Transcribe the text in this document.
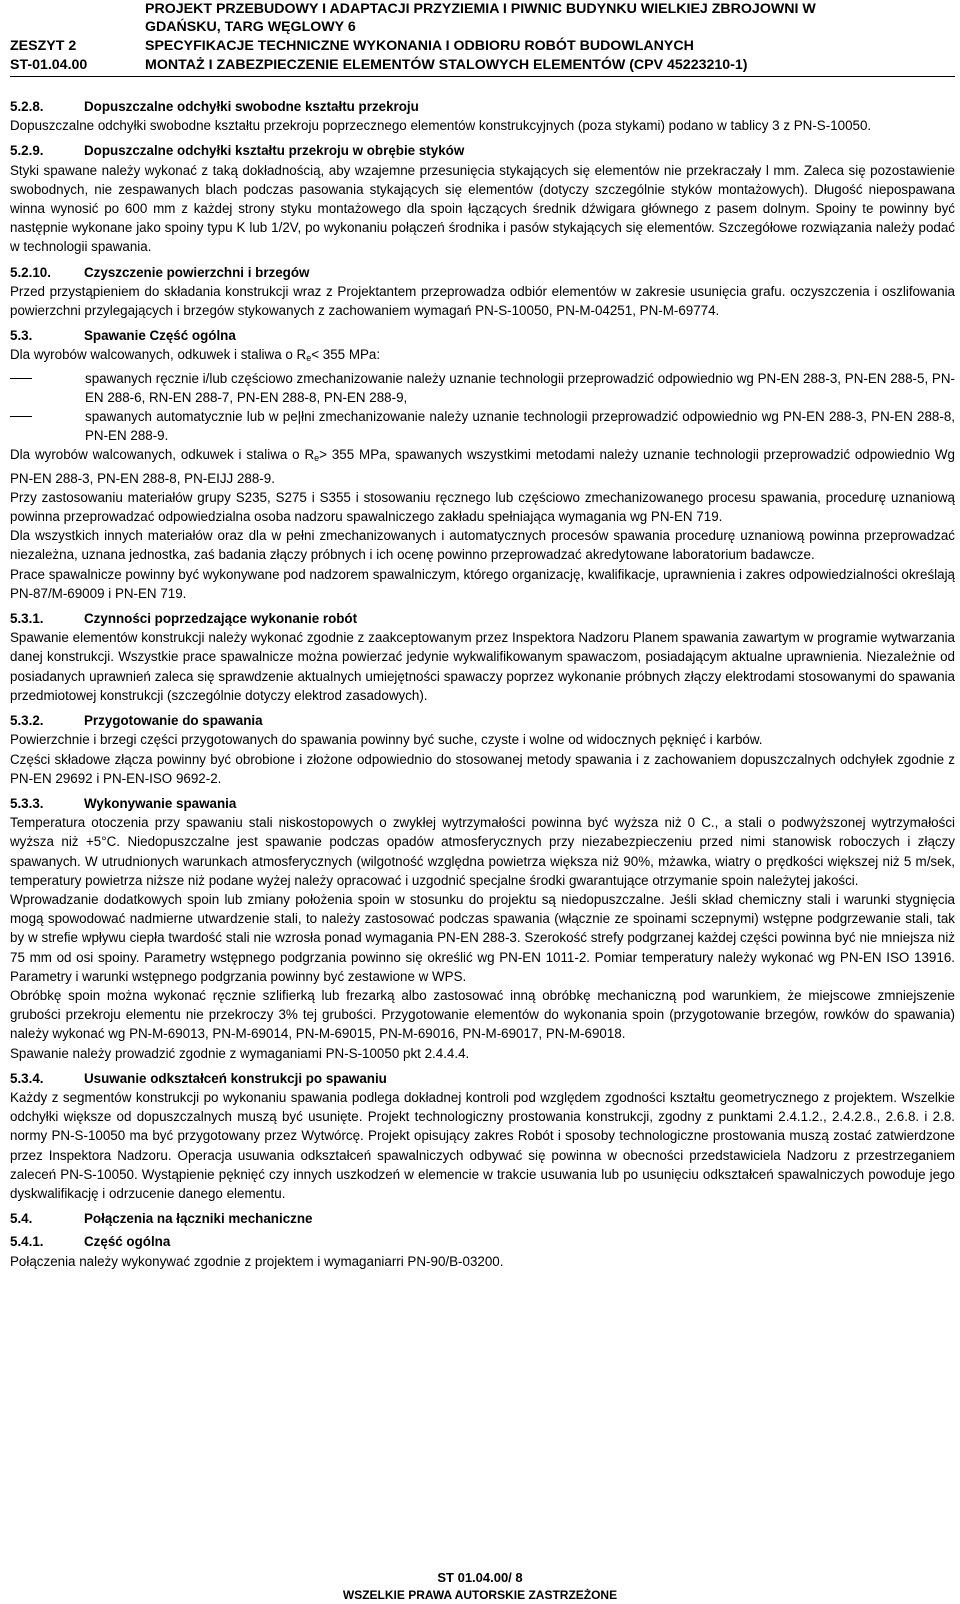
PROJEKT PRZEBUDOWY I ADAPTACJI PRZYZIEMIA I PIWNIC BUDYNKU WIELKIEJ ZBROJOWNI W
GDAŃSKU, TARG WĘGLOWY 6
ZESZYT 2	SPECYFIKACJE TECHNICZNE WYKONANIA I ODBIORU ROBÓT BUDOWLANYCH
ST-01.04.00	MONTAŻ I ZABEZPIECZENIE ELEMENTÓW STALOWYCH ELEMENTÓW (CPV 45223210-1)

5.2.8.	Dopuszczalne odchyłki swobodne kształtu przekroju

Dopuszczalne odchyłki swobodne kształtu przekroju poprzecznego elementów konstrukcyjnych (poza stykami) podano w tablicy 3 z PN-S-10050.

5.2.9.	Dopuszczalne odchyłki kształtu przekroju w obrębie styków

Styki spawane należy wykonać z taką dokładnością, aby wzajemne przesunięcia stykających się elementów nie przekraczały l mm. Zaleca się pozostawienie swobodnych, nie zespawanych blach podczas pasowania stykających się elementów (dotyczy szczególnie styków montażowych). Długość niepospawana winna wynosić po 600 mm z każdej strony styku montażowego dla spoin łączących średnik dźwigara głównego z pasem dolnym. Spoiny te powinny być następnie wykonane jako spoiny typu K lub 1/2V, po wykonaniu połączeń środnika i pasów stykających się elementów. Szczegółowe rozwiązania należy podać w technologii spawania.

5.2.10. Czyszczenie powierzchni i brzegów

Przed przystąpieniem do składania konstrukcji wraz z Projektantem przeprowadza odbiór elementów w zakresie usunięcia grafu. oczyszczenia i oszlifowania powierzchni przylegających i brzegów stykowanych z zachowaniem wymagań PN-S-10050, PN-M-04251, PN-M-69774.

5.3.	Spawanie Część ogólna

Dla wyrobów walcowanych, odkuwek i staliwa o $R_e< 355$ MPa:

spawanych ręcznie i/lub częściowo zmechanizowanie należy uznanie technologii przeprowadzić odpowiednio wg PN-EN 288-3, PN-EN 288-5, PN-EN 288-6, RN-EN 288-7, PN-EN 288-8, PN-EN 288-9,
spawanych automatycznie lub w pe|łni zmechanizowanie należy uznanie technologii przeprowadzić odpowiednio wg PN-EN 288-3, PN-EN 288-8, PN-EN 288-9.

Dla wyrobów walcowanych, odkuwek i staliwa o $R_e> 355$ MPa, spawanych wszystkimi metodami należy uznanie technologii przeprowadzić odpowiednio Wg PN-EN 288-3, PN-EN 288-8, PN-EIJJ 288-9.

Przy zastosowaniu materiałów grupy S235, S275 i S355 i stosowaniu ręcznego lub częściowo zmechanizowanego procesu spawania, procedurę uznaniową powinna przeprowadzać odpowiedzialna osoba nadzoru spawalniczego zakładu spełniająca wymagania wg PN-EN 719.

Dla wszystkich innych materiałów oraz dla w pełni zmechanizowanych i automatycznych procesów spawania procedurę uznaniową powinna przeprowadzać niezależna, uznana jednostka, zaś badania złączy próbnych i ich ocenę powinno przeprowadzać akredytowane laboratorium badawcze.

Prace spawalnicze powinny być wykonywane pod nadzorem spawalniczym, którego organizację, kwalifikacje, uprawnienia i zakres odpowiedzialności określają PN-87/M-69009 i PN-EN 719.

5.3.1.	Czynności poprzedzające wykonanie robót

Spawanie elementów konstrukcji należy wykonać zgodnie z zaakceptowanym przez Inspektora Nadzoru Planem spawania zawartym w programie wytwarzania danej konstrukcji. Wszystkie prace spawalnicze można powierzać jedynie wykwalifikowanym spawaczom, posiadającym aktualne uprawnienia. Niezależnie od posiadanych uprawnień zaleca się sprawdzenie aktualnych umiejętności spawaczy poprzez wykonanie próbnych złączy elektrodami stosowanymi do spawania przedmiotowej konstrukcji (szczególnie dotyczy elektrod zasadowych).

5.3.2.	Przygotowanie do spawania

Powierzchnie i brzegi części przygotowanych do spawania powinny być suche, czyste i wolne od widocznych pęknięć i karbów.

Części składowe złącza powinny być obrobione i złożone odpowiednio do stosowanej metody spawania i z zachowaniem dopuszczalnych odchyłek zgodnie z PN-EN 29692 i PN-EN-ISO 9692-2.

5.3.3.	Wykonywanie spawania

Temperatura otoczenia przy spawaniu stali niskostopowych o zwykłej wytrzymałości powinna być wyższa niż 0 C., a stali o podwyższonej wytrzymałości wyższa niż +5°C. Niedopuszczalne jest spawanie podczas opadów atmosferycznych przy niezabezpieczeniu przed nimi stanowisk roboczych i złączy spawanych. W utrudnionych warunkach atmosferycznych (wilgotność względna powietrza większa niż 90%, mżawka, wiatry o prędkości większej niż 5 m/sek, temperatury powietrza niższe niż podane wyżej należy opracować i uzgodnić specjalne środki gwarantujące otrzymanie spoin należytej jakości.

Wprowadzanie dodatkowych spoin lub zmiany położenia spoin w stosunku do projektu są niedopuszczalne. Jeśli skład chemiczny stali i warunki stygnięcia mogą spowodować nadmierne utwardzenie stali, to należy zastosować podczas spawania (włącznie ze spoinami sczepnymi) wstępne podgrzewanie stali, tak by w strefie wpływu ciepła twardość stali nie wzrosła ponad wymagania PN-EN 288-3. Szerokość strefy podgrzanej każdej części powinna być nie mniejsza niż 75 mm od osi spoiny. Parametry wstępnego podgrzania powinno się określić wg PN-EN 1011-2. Pomiar temperatury należy wykonać wg PN-EN ISO 13916. Parametry i warunki wstępnego podgrzania powinny być zestawione w WPS.

Obróbkę spoin można wykonać ręcznie szlifierką lub frezarką albo zastosować inną obróbkę mechaniczną pod warunkiem, że miejscowe zmniejszenie grubości przekroju elementu nie przekroczy 3% tej grubości. Przygotowanie elementów do wykonania spoin (przygotowanie brzegów, rowków do spawania) należy wykonać wg PN-M-69013, PN-M-69014, PN-M-69015, PN-M-69016, PN-M-69017, PN-M-69018.

Spawanie należy prowadzić zgodnie z wymaganiami PN-S-10050 pkt 2.4.4.4.

5.3.4.	Usuwanie odkształceń konstrukcji po spawaniu

Każdy z segmentów konstrukcji po wykonaniu spawania podlega dokładnej kontroli pod względem zgodności kształtu geometrycznego z projektem. Wszelkie odchyłki większe od dopuszczalnych muszą być usunięte. Projekt technologiczny prostowania konstrukcji, zgodny z punktami 2.4.1.2., 2.4.2.8., 2.6.8. i 2.8. normy PN-S-10050 ma być przygotowany przez Wytwórcę. Projekt opisujący zakres Robót i sposoby technologiczne prostowania muszą zostać zatwierdzone przez Inspektora Nadzoru. Operacja usuwania odkształceń spawalniczych odbywać się powinna w obecności przedstawiciela Nadzoru z przestrzeganiem zaleceń PN-S-10050. Wystąpienie pęknięć czy innych uszkodzeń w elemencie w trakcie usuwania lub po usunięciu odkształceń spawalniczych powoduje jego dyskwalifikację i odrzucenie danego elementu.

5.4.	Połączenia na łączniki mechaniczne

5.4.1.	Część ogólna

Połączenia należy wykonywać zgodnie z projektem i wymaganiarri PN-90/B-03200.

ST 01.04.00/ 8
WSZELKIE PRAWA AUTORSKIE ZASTRZEŻONE
